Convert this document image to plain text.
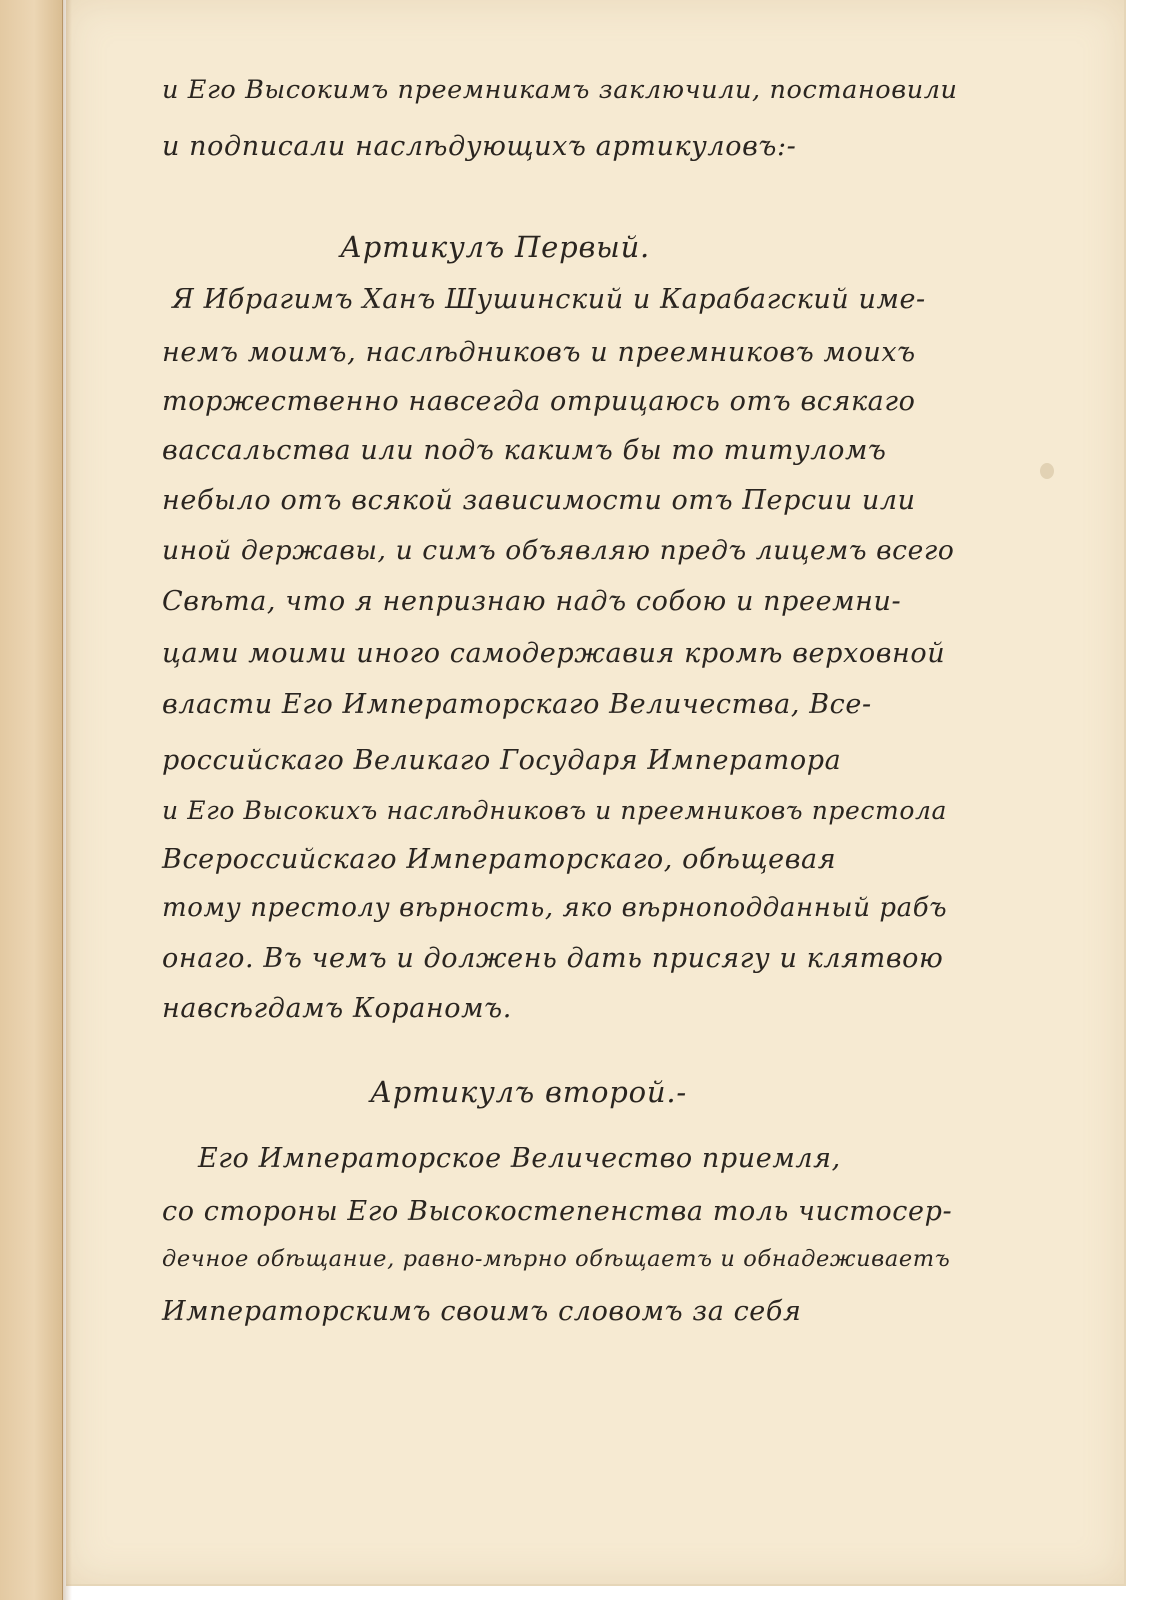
и Его Высокимъ преемникамъ заключили, постановили
и подписали наслѣдующихъ артикуловъ:-
Артикулъ Первый.
Я Ибрагимъ Ханъ Шушинский и Карабагский име-
немъ моимъ, наслѣдниковъ и преемниковъ моихъ
торжественно навсегда отрицаюсь отъ всякаго
вассальства или подъ какимъ бы то титуломъ
небыло отъ всякой зависимости отъ Персии или
иной державы, и симъ объявляю предъ лицемъ всего
Свѣта, что я непризнаю надъ собою и преемни-
цами моими иного самодержавия кромѣ верховной
власти Его Императорскаго Величества, Все-
российскаго Великаго Государя Императора
и Его Высокихъ наслѣдниковъ и преемниковъ престола
Всероссийскаго Императорскаго, обѣщевая
тому престолу вѣрность, яко вѣрноподданный рабъ
онаго. Въ чемъ и должень дать присягу и клятвою
навсѣгдамъ Кораномъ.
Артикулъ второй.-
Его Императорское Величество приемля,
со стороны Его Высокостепенства толь чистосер-
дечное обѣщание, равно-мѣрно обѣщаетъ и обнадеживаетъ
Императорскимъ своимъ словомъ за себя
